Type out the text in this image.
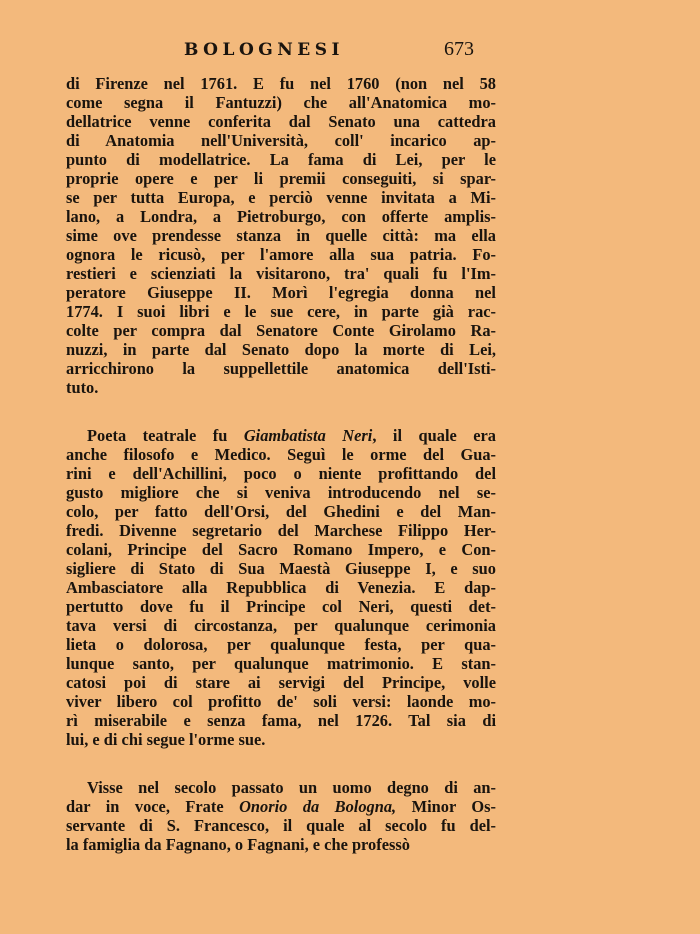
BOLOGNESI	673
di Firenze nel 1761. E fu nel 1760 (non nel 58
come segna il Fantuzzi) che all'Anatomica mo-
dellatrice venne conferita dal Senato una cattedra
di Anatomia nell'Università, coll' incarico ap-
punto di modellatrice. La fama di Lei, per le
proprie opere e per li premii conseguiti, si spar-
se per tutta Europa, e perciò venne invitata a Mi-
lano, a Londra, a Pietroburgo, con offerte amplis-
sime ove prendesse stanza in quelle città: ma ella
ognora le ricusò, per l'amore alla sua patria. Fo-
restieri e scienziati la visitarono, tra' quali fu l'Im-
peratore Giuseppe II. Morì l'egregia donna nel
1774. I suoi libri e le sue cere, in parte già rac-
colte per compra dal Senatore Conte Girolamo Ra-
nuzzi, in parte dal Senato dopo la morte di Lei,
arricchirono la suppellettile anatomica dell'Isti-
tuto.
Poeta teatrale fu Giambatista Neri, il quale era
anche filosofo e Medico. Seguì le orme del Gua-
rini e dell'Achillini, poco o niente profittando del
gusto migliore che si veniva introducendo nel se-
colo, per fatto dell'Orsi, del Ghedini e del Man-
fredi. Divenne segretario del Marchese Filippo Her-
colani, Principe del Sacro Romano Impero, e Con-
sigliere di Stato di Sua Maestà Giuseppe I, e suo
Ambasciatore alla Repubblica di Venezia. E dap-
pertutto dove fu il Principe col Neri, questi det-
tava versi di circostanza, per qualunque cerimonia
lieta o dolorosa, per qualunque festa, per qua-
lunque santo, per qualunque matrimonio. E stan-
catosi poi di stare ai servigi del Principe, volle
viver libero col profitto de' soli versi: laonde mo-
rì miserabile e senza fama, nel 1726. Tal sia di
lui, e di chi segue l'orme sue.
Visse nel secolo passato un uomo degno di an-
dar in voce, Frate Onorio da Bologna, Minor Os-
servante di S. Francesco, il quale al secolo fu del-
la famiglia da Fagnano, o Fagnani, e che professò
